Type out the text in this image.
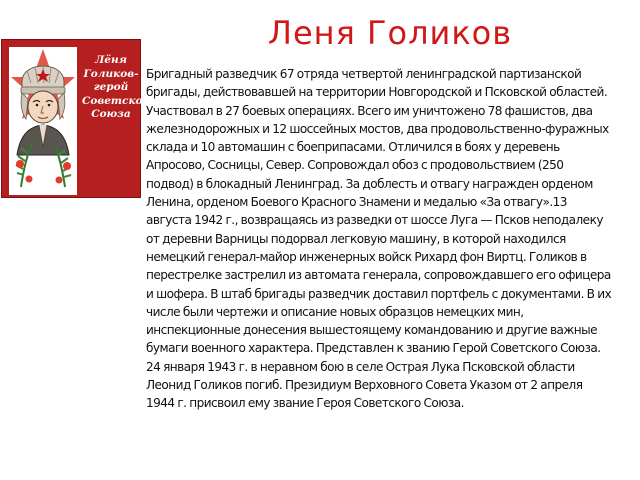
Леня Голиков
Лёня
Голиков-
герой
Советского
Союза

Бригадный разведчик 67 отряда четвертой ленинградской партизанской
бригады, действовавшей на территории Новгородской и Псковской областей.
Участвовал в 27 боевых операциях. Всего им уничтожено 78 фашистов, два
железнодорожных и 12 шоссейных мостов, два продовольственно-фуражных
склада и 10 автомашин с боеприпасами. Отличился в боях у деревень
Апросово, Сосницы, Север. Сопровождал обоз с продовольствием (250
подвод) в блокадный Ленинград. За доблесть и отвагу награжден орденом
Ленина, орденом Боевого Красного Знамени и медалью «За отвагу».13
августа 1942 г., возвращаясь из разведки от шоссе Луга — Псков неподалеку
от деревни Варницы подорвал легковую машину, в которой находился
немецкий генерал-майор инженерных войск Рихард фон Виртц. Голиков в
перестрелке застрелил из автомата генерала, сопровождавшего его офицера
и шофера. В штаб бригады разведчик доставил портфель с документами. В их
числе были чертежи и описание новых образцов немецких мин,
инспекционные донесения вышестоящему командованию и другие важные
бумаги военного характера. Представлен к званию Герой Советского Союза.
24 января 1943 г. в неравном бою в селе Острая Лука Псковской области
Леонид Голиков погиб. Президиум Верховного Совета Указом от 2 апреля
1944 г. присвоил ему звание Героя Советского Союза.
